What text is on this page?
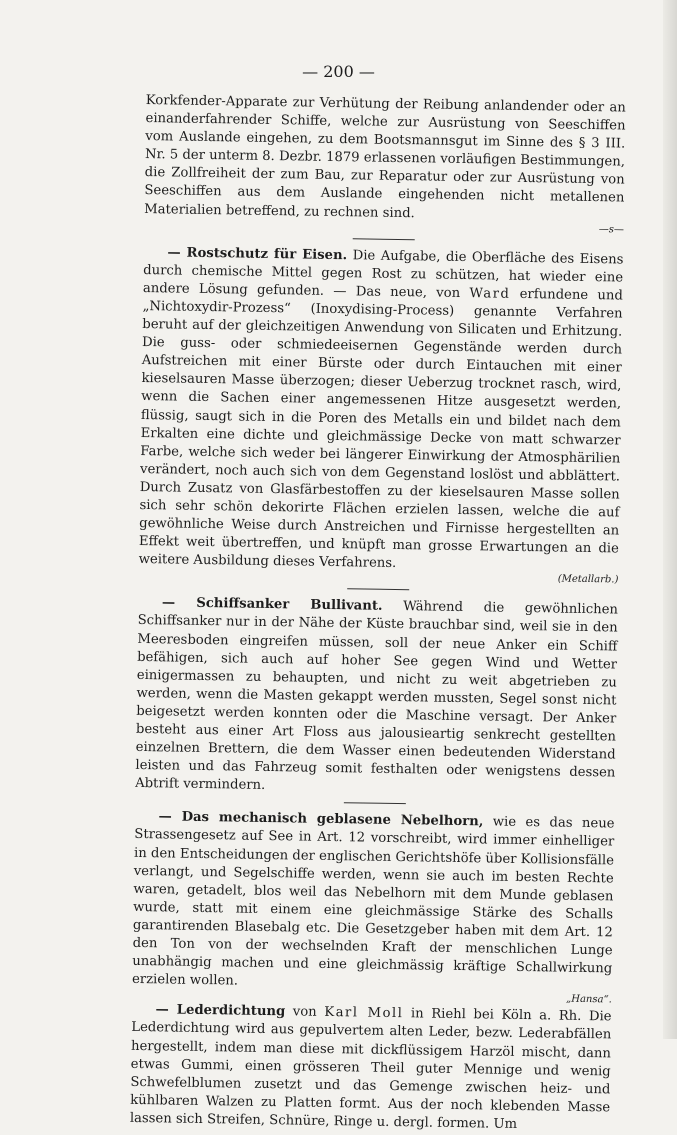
— 200 —

Korkfender-Apparate zur Verhütung der Reibung anlandender oder an einanderfahrender Schiffe, welche zur Ausrüstung von Seeschiffen vom Auslande eingehen, zu dem Bootsmannsgut im Sinne des § 3 III. Nr. 5 der unterm 8. Dezbr. 1879 erlassenen vorläufigen Bestimmungen, die Zollfreiheit der zum Bau, zur Reparatur oder zur Ausrüstung von Seeschiffen aus dem Auslande eingehenden nicht metallenen Materialien betreffend, zu rechnen sind.

—s—

— Rostschutz für Eisen. Die Aufgabe, die Oberfläche des Eisens durch chemische Mittel gegen Rost zu schützen, hat wieder eine andere Lösung gefunden. — Das neue, von Ward erfundene und „Nichtoxydir-Prozess“ (Inoxydising-Process) genannte Verfahren beruht auf der gleichzeitigen Anwendung von Silicaten und Erhitzung. Die guss- oder schmiedeeisernen Gegenstände werden durch Aufstreichen mit einer Bürste oder durch Eintauchen mit einer kieselsauren Masse überzogen; dieser Ueberzug trocknet rasch, wird, wenn die Sachen einer angemessenen Hitze ausgesetzt werden, flüssig, saugt sich in die Poren des Metalls ein und bildet nach dem Erkalten eine dichte und gleichmässige Decke von matt schwarzer Farbe, welche sich weder bei längerer Einwirkung der Atmosphärilien verändert, noch auch sich von dem Gegenstand loslöst und abblättert. Durch Zusatz von Glasfärbestoffen zu der kieselsauren Masse sollen sich sehr schön dekorirte Flächen erzielen lassen, welche die auf gewöhnliche Weise durch Anstreichen und Firnisse hergestellten an Effekt weit übertreffen, und knüpft man grosse Erwartungen an die weitere Ausbildung dieses Verfahrens.

(Metallarb.)

— Schiffsanker Bullivant. Während die gewöhnlichen Schiffsanker nur in der Nähe der Küste brauchbar sind, weil sie in den Meeresboden eingreifen müssen, soll der neue Anker ein Schiff befähigen, sich auch auf hoher See gegen Wind und Wetter einigermassen zu behaupten, und nicht zu weit abgetrieben zu werden, wenn die Masten gekappt werden mussten, Segel sonst nicht beigesetzt werden konnten oder die Maschine versagt. Der Anker besteht aus einer Art Floss aus jalousieartig senkrecht gestellten einzelnen Brettern, die dem Wasser einen bedeutenden Widerstand leisten und das Fahrzeug somit festhalten oder wenigstens dessen Abtrift vermindern.

— Das mechanisch geblasene Nebelhorn, wie es das neue Strassengesetz auf See in Art. 12 vorschreibt, wird immer einhelliger in den Entscheidungen der englischen Gerichtshöfe über Kollisionsfälle verlangt, und Segelschiffe werden, wenn sie auch im besten Rechte waren, getadelt, blos weil das Nebelhorn mit dem Munde geblasen wurde, statt mit einem eine gleichmässige Stärke des Schalls garantirenden Blasebalg etc. Die Gesetzgeber haben mit dem Art. 12 den Ton von der wechselnden Kraft der menschlichen Lunge unabhängig machen und eine gleichmässig kräftige Schallwirkung erzielen wollen.

„Hansa“.

— Lederdichtung von Karl Moll in Riehl bei Köln a. Rh. Die Lederdichtung wird aus gepulvertem alten Leder, bezw. Lederabfällen hergestellt, indem man diese mit dickflüssigem Harzöl mischt, dann etwas Gummi, einen grösseren Theil guter Mennige und wenig Schwefelblumen zusetzt und das Gemenge zwischen heiz- und kühlbaren Walzen zu Platten formt. Aus der noch klebenden Masse lassen sich Streifen, Schnüre, Ringe u. dergl. formen. Um
